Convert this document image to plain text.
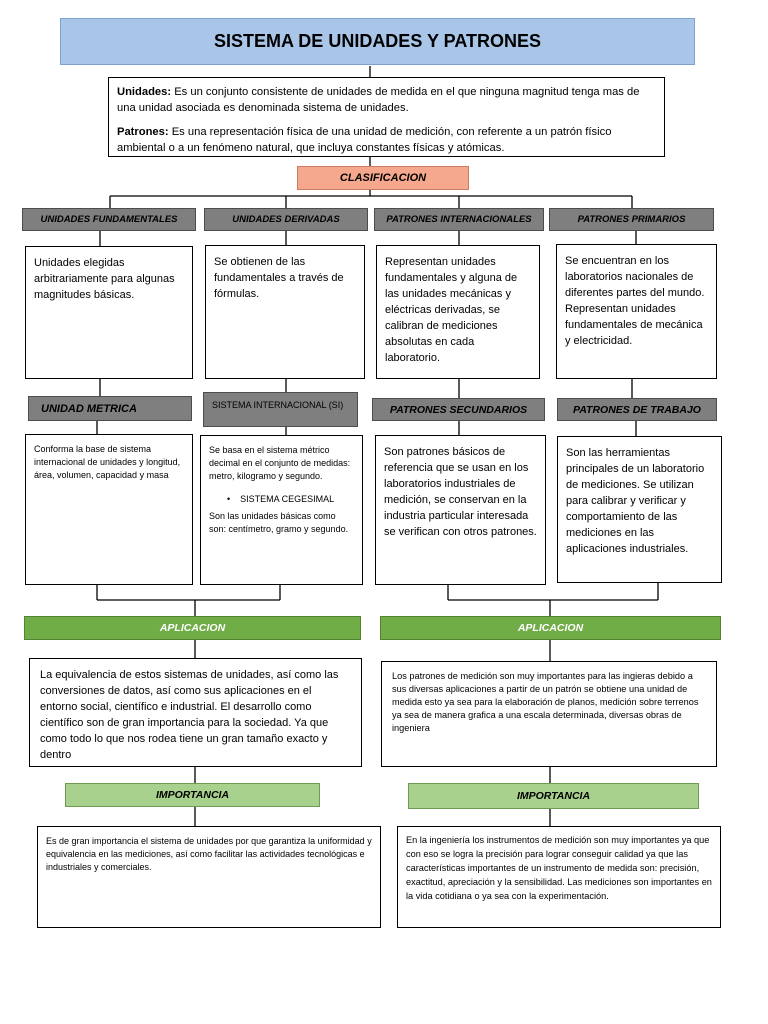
SISTEMA DE UNIDADES Y PATRONES

Unidades: Es un conjunto consistente de unidades de medida en el que ninguna magnitud tenga mas de una unidad asociada es denominada sistema de unidades.

Patrones: Es una representación física de una unidad de medición, con referente a un patrón físico ambiental o a un fenómeno natural, que incluya constantes físicas y atómicas.

CLASIFICACION
UNIDADES FUNDAMENTALES	UNIDADES DERIVADAS	PATRONES INTERNACIONALES	PATRONES PRIMARIOS
Unidades elegidas arbitrariamente para algunas magnitudes básicas.
Se obtienen de las fundamentales a través de fórmulas.
Representan unidades fundamentales y alguna de las unidades mecánicas y eléctricas derivadas, se calibran de mediciones absolutas en cada laboratorio.
Se encuentran en los laboratorios nacionales de diferentes partes del mundo. Representan unidades fundamentales de mecánica y electricidad.
UNIDAD METRICA	SISTEMA INTERNACIONAL (SI)	PATRONES SECUNDARIOS	PATRONES DE TRABAJO
Conforma la base de sistema internacional de unidades y longitud, área, volumen, capacidad y masa

Se basa en el sistema métrico decimal en el conjunto de medidas: metro, kilogramo y segundo.

• SISTEMA CEGESIMAL

Son las unidades básicas como son: centímetro, gramo y segundo.

Son patrones básicos de referencia que se usan en los laboratorios industriales de medición, se conservan en la industria particular interesada se verifican con otros patrones.
Son las herramientas principales de un laboratorio de mediciones. Se utilizan para calibrar y verificar y comportamiento de las mediciones en las aplicaciones industriales.
APLICACION	APLICACION
La equivalencia de estos sistemas de unidades, así como las conversiones de datos, así como sus aplicaciones en el entorno social, científico e industrial. El desarrollo como científico son de gran importancia para la sociedad. Ya que como todo lo que nos rodea tiene un gran tamaño exacto y dentro
Los patrones de medición son muy importantes para las ingieras debido a sus diversas aplicaciones a partir de un patrón se obtiene una unidad de medida esto ya sea para la elaboración de planos, medición sobre terrenos ya sea de manera grafica a una escala determinada, diversas obras de ingeniera
IMPORTANCIA	IMPORTANCIA
Es de gran importancia el sistema de unidades por que garantiza la uniformidad y equivalencia en las mediciones, así como facilitar las actividades tecnológicas e industriales y comerciales.
En la ingeniería los instrumentos de medición son muy importantes ya que con eso se logra la precisión para lograr conseguir calidad ya que las características importantes de un instrumento de medida son: precisión, exactitud, apreciación y la sensibilidad. Las mediciones son importantes en la vida cotidiana o ya sea con la experimentación.
